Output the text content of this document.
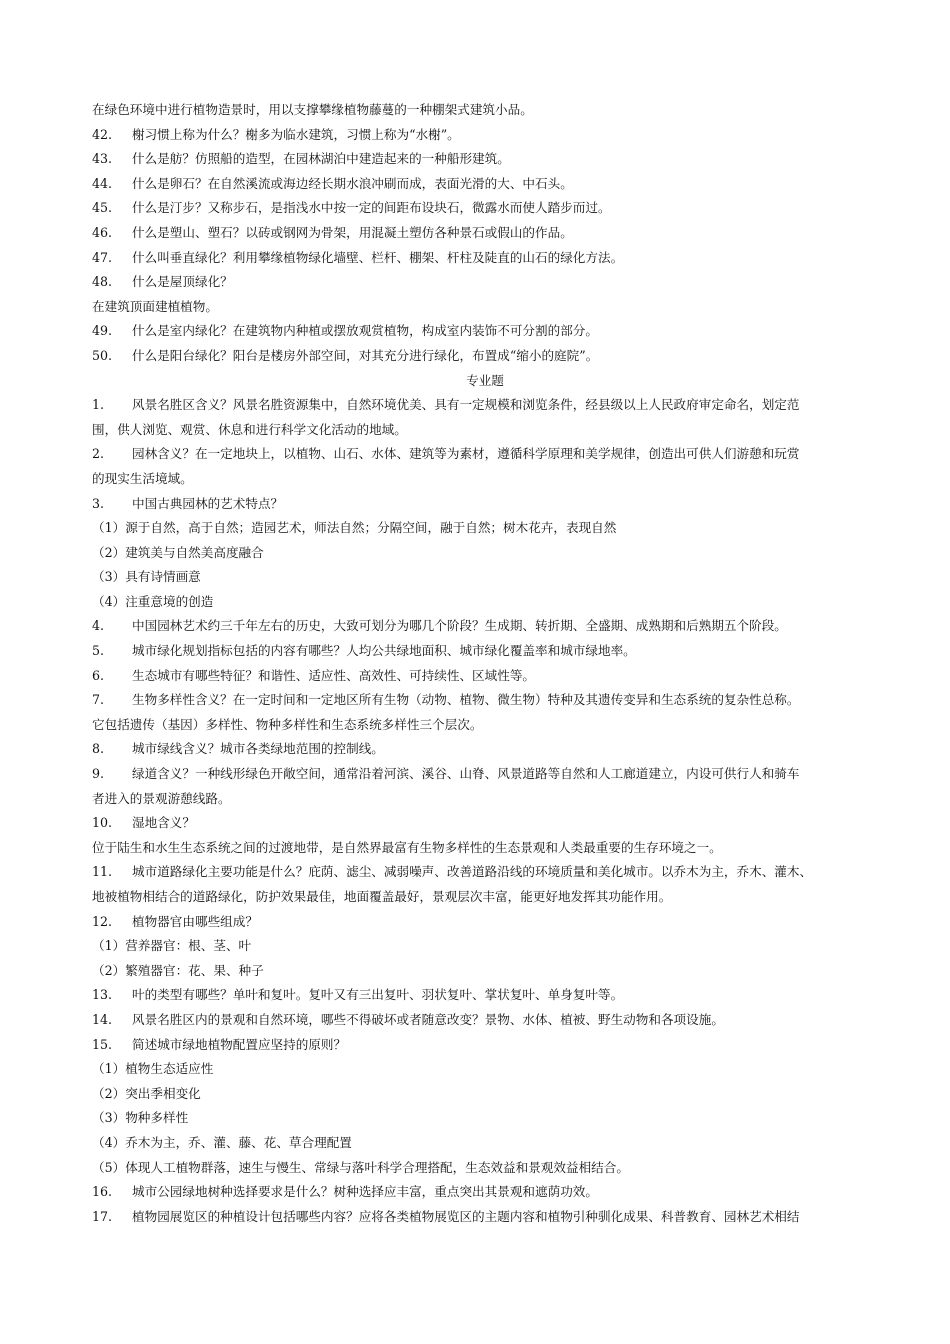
在绿色环境中进行植物造景时，用以支撑攀缘植物藤蔓的一种棚架式建筑小品。
42. 榭习惯上称为什么？榭多为临水建筑，习惯上称为“水榭”。
43. 什么是舫？仿照船的造型，在园林湖泊中建造起来的一种船形建筑。
44. 什么是卵石？在自然溪流或海边经长期水浪冲刷而成，表面光滑的大、中石头。
45. 什么是汀步？又称步石，是指浅水中按一定的间距布设块石，微露水而使人踏步而过。
46. 什么是塑山、塑石？以砖或钢网为骨架，用混凝土塑仿各种景石或假山的作品。
47. 什么叫垂直绿化？利用攀缘植物绿化墙壁、栏杆、棚架、杆柱及陡直的山石的绿化方法。
48. 什么是屋顶绿化？
在建筑顶面建植植物。
49. 什么是室内绿化？在建筑物内种植或摆放观赏植物，构成室内装饰不可分割的部分。
50. 什么是阳台绿化？阳台是楼房外部空间，对其充分进行绿化，布置成“缩小的庭院”。
专业题
1. 风景名胜区含义？风景名胜资源集中，自然环境优美、具有一定规模和浏览条件，经县级以上人民政府审定命名，划定范
围，供人浏览、观赏、休息和进行科学文化活动的地域。
2. 园林含义？在一定地块上，以植物、山石、水体、建筑等为素材，遵循科学原理和美学规律，创造出可供人们游憩和玩赏
的现实生活境域。
3. 中国古典园林的艺术特点？
（1）源于自然，高于自然；造园艺术，师法自然；分隔空间，融于自然；树木花卉，表现自然
（2）建筑美与自然美高度融合
（3）具有诗情画意
（4）注重意境的创造
4. 中国园林艺术约三千年左右的历史，大致可划分为哪几个阶段？生成期、转折期、全盛期、成熟期和后熟期五个阶段。
5. 城市绿化规划指标包括的内容有哪些？人均公共绿地面积、城市绿化覆盖率和城市绿地率。
6. 生态城市有哪些特征？和谐性、适应性、高效性、可持续性、区域性等。
7. 生物多样性含义？在一定时间和一定地区所有生物（动物、植物、微生物）特种及其遗传变异和生态系统的复杂性总称。
它包括遗传（基因）多样性、物种多样性和生态系统多样性三个层次。
8. 城市绿线含义？城市各类绿地范围的控制线。
9. 绿道含义？一种线形绿色开敞空间，通常沿着河滨、溪谷、山脊、风景道路等自然和人工廊道建立，内设可供行人和骑车
者进入的景观游憩线路。
10. 湿地含义？
位于陆生和水生生态系统之间的过渡地带，是自然界最富有生物多样性的生态景观和人类最重要的生存环境之一。
11. 城市道路绿化主要功能是什么？庇荫、滤尘、减弱噪声、改善道路沿线的环境质量和美化城市。以乔木为主，乔木、灌木、
地被植物相结合的道路绿化，防护效果最佳，地面覆盖最好，景观层次丰富，能更好地发挥其功能作用。
12. 植物器官由哪些组成？
（1）营养器官：根、茎、叶
（2）繁殖器官：花、果、种子
13. 叶的类型有哪些？单叶和复叶。复叶又有三出复叶、羽状复叶、掌状复叶、单身复叶等。
14. 风景名胜区内的景观和自然环境，哪些不得破坏或者随意改变？景物、水体、植被、野生动物和各项设施。
15. 简述城市绿地植物配置应坚持的原则？
（1）植物生态适应性
（2）突出季相变化
（3）物种多样性
（4）乔木为主，乔、灌、藤、花、草合理配置
（5）体现人工植物群落，速生与慢生、常绿与落叶科学合理搭配，生态效益和景观效益相结合。
16. 城市公园绿地树种选择要求是什么？树种选择应丰富，重点突出其景观和遮荫功效。
17. 植物园展览区的种植设计包括哪些内容？应将各类植物展览区的主题内容和植物引种驯化成果、科普教育、园林艺术相结
